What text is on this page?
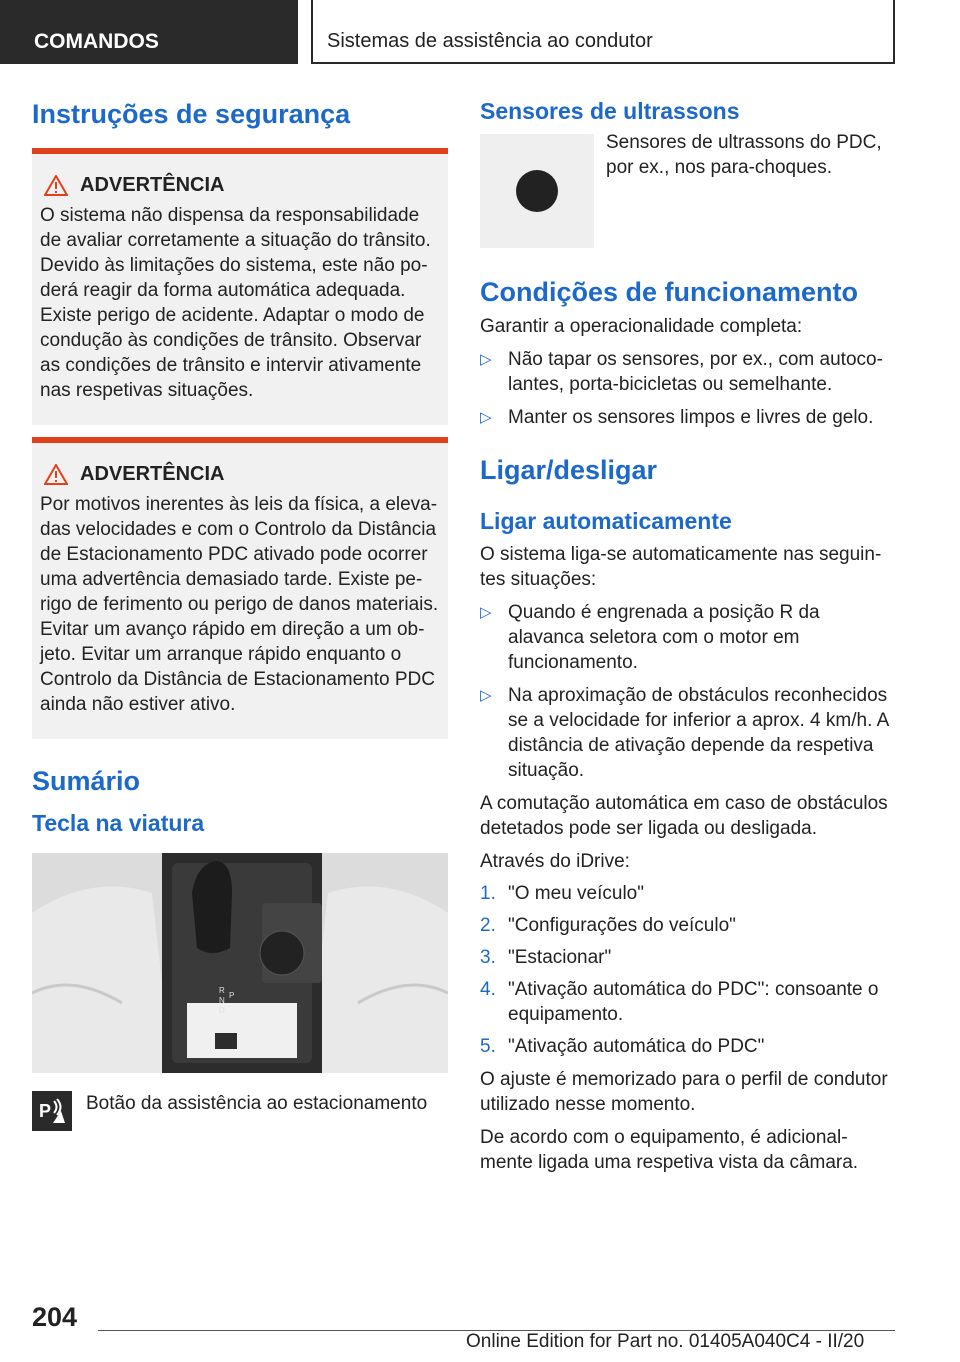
COMANDOS	Sistemas de assistência ao condutor
Instruções de segurança
ADVERTÊNCIA

O sistema não dispensa da responsabilidade de avaliar corretamente a situação do trânsito. Devido às limitações do sistema, este não po-derá reagir da forma automática adequada. Existe perigo de acidente. Adaptar o modo de condução às condições de trânsito. Observar as condições de trânsito e intervir ativamente nas respetivas situações.

ADVERTÊNCIA

Por motivos inerentes às leis da física, a eleva-das velocidades e com o Controlo da Distância de Estacionamento PDC ativado pode ocorrer uma advertência demasiado tarde. Existe pe-rigo de ferimento ou perigo de danos materiais. Evitar um avanço rápido em direção a um ob-jeto. Evitar um arranque rápido enquanto o Controlo da Distância de Estacionamento PDC ainda não estiver ativo.

Sumário
Tecla na viatura
R
N
D
P
P Botão da assistência ao estacionamento

Sensores de ultrassons

Sensores de ultrassons do PDC, por ex., nos para-choques.

Condições de funcionamento

Garantir a operacionalidade completa:

▷ Não tapar os sensores, por ex., com autoco-lantes, porta-bicicletas ou semelhante.
▷ Manter os sensores limpos e livres de gelo.
Ligar/desligar
Ligar automaticamente

O sistema liga-se automaticamente nas seguin-tes situações:

▷ Quando é engrenada a posição R da alavanca seletora com o motor em funcionamento.
▷ Na aproximação de obstáculos reconhecidos se a velocidade for inferior a aprox. 4 km/h. A distância de ativação depende da respetiva situação.

A comutação automática em caso de obstáculos detetados pode ser ligada ou desligada.

Através do iDrive:

1. "O meu veículo"
2. "Configurações do veículo"
3. "Estacionar"
4. "Ativação automática do PDC": consoante o equipamento.
5. "Ativação automática do PDC"

O ajuste é memorizado para o perfil de condutor utilizado nesse momento.

De acordo com o equipamento, é adicional-mente ligada uma respetiva vista da câmara.

204
Online Edition for Part no. 01405A040C4 - II/20
